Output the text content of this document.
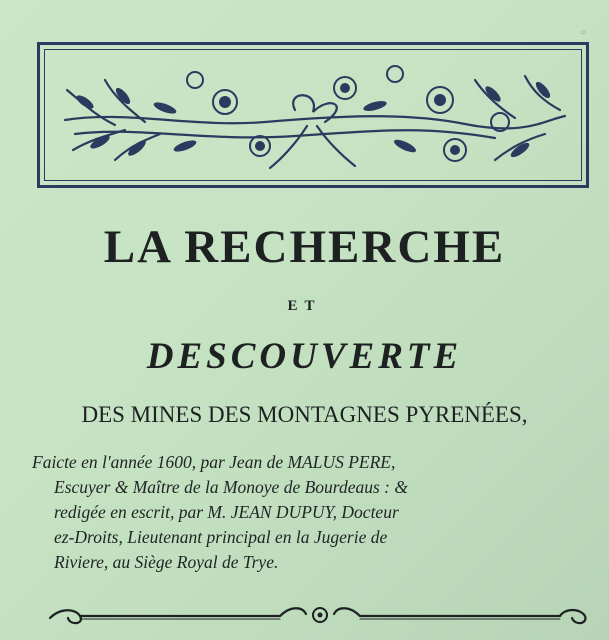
0
LA RECHERCHE
ET
DESCOUVERTE
DES MINES DES MONTAGNES PYRENÉES,
Faicte en l'année 1600, par Jean de MALUS PERE,
Escuyer & Maître de la Monoye de Bourdeaus : &
redigée en escrit, par M. JEAN DUPUY, Docteur
ez-Droits, Lieutenant principal en la Jugerie de
Riviere, au Siège Royal de Trye.
